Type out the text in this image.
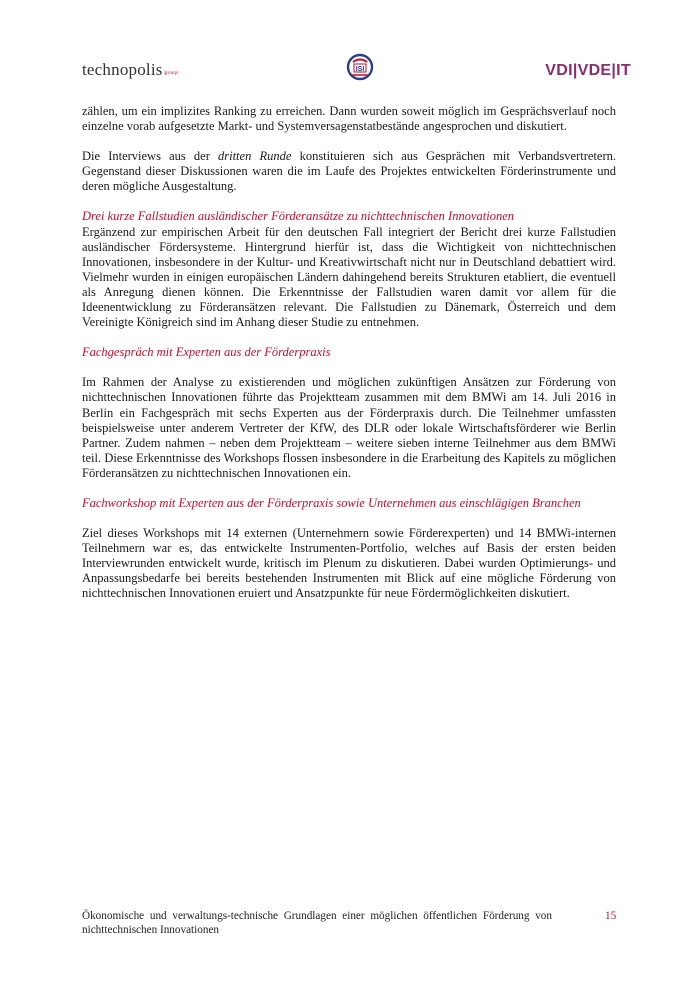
technopolis|group|
ISI	VDI|VDE|IT

zählen, um ein implizites Ranking zu erreichen. Dann wurden soweit möglich im Gesprächsverlauf noch einzelne vorab aufgesetzte Markt- und Systemversagenstatbestände angesprochen und diskutiert.

Die Interviews aus der dritten Runde konstituieren sich aus Gesprächen mit Verbandsvertretern. Gegenstand dieser Diskussionen waren die im Laufe des Projektes entwickelten Förderinstrumente und deren mögliche Ausgestaltung.

Drei kurze Fallstudien ausländischer Förderansätze zu nichttechnischen Innovationen

Ergänzend zur empirischen Arbeit für den deutschen Fall integriert der Bericht drei kurze Fallstudien ausländischer Fördersysteme. Hintergrund hierfür ist, dass die Wichtigkeit von nichttechnischen Innovationen, insbesondere in der Kultur- und Kreativwirtschaft nicht nur in Deutschland debattiert wird. Vielmehr wurden in einigen europäischen Ländern dahingehend bereits Strukturen etabliert, die eventuell als Anregung dienen können. Die Erkenntnisse der Fallstudien waren damit vor allem für die Ideenentwicklung zu Förderansätzen relevant. Die Fallstudien zu Dänemark, Österreich und dem Vereinigte Königreich sind im Anhang dieser Studie zu entnehmen.

Fachgespräch mit Experten aus der Förderpraxis

Im Rahmen der Analyse zu existierenden und möglichen zukünftigen Ansätzen zur Förderung von nichttechnischen Innovationen führte das Projektteam zusammen mit dem BMWi am 14. Juli 2016 in Berlin ein Fachgespräch mit sechs Experten aus der Förderpraxis durch. Die Teilnehmer umfassten beispielsweise unter anderem Vertreter der KfW, des DLR oder lokale Wirtschaftsförderer wie Berlin Partner. Zudem nahmen – neben dem Projektteam – weitere sieben interne Teilnehmer aus dem BMWi teil. Diese Erkenntnisse des Workshops flossen insbesondere in die Erarbeitung des Kapitels zu möglichen Förderansätzen zu nichttechnischen Innovationen ein.

Fachworkshop mit Experten aus der Förderpraxis sowie Unternehmen aus einschlägigen Branchen

Ziel dieses Workshops mit 14 externen (Unternehmern sowie Förderexperten) und 14 BMWi-internen Teilnehmern war es, das entwickelte Instrumenten-Portfolio, welches auf Basis der ersten beiden Interviewrunden entwickelt wurde, kritisch im Plenum zu diskutieren. Dabei wurden Optimierungs- und Anpassungsbedarfe bei bereits bestehenden Instrumenten mit Blick auf eine mögliche Förderung von nichttechnischen Innovationen eruiert und Ansatzpunkte für neue Fördermöglichkeiten diskutiert.

Ökonomische und verwaltungs-technische Grundlagen einer möglichen öffentlichen Förderung von nichttechnischen Innovationen
15
